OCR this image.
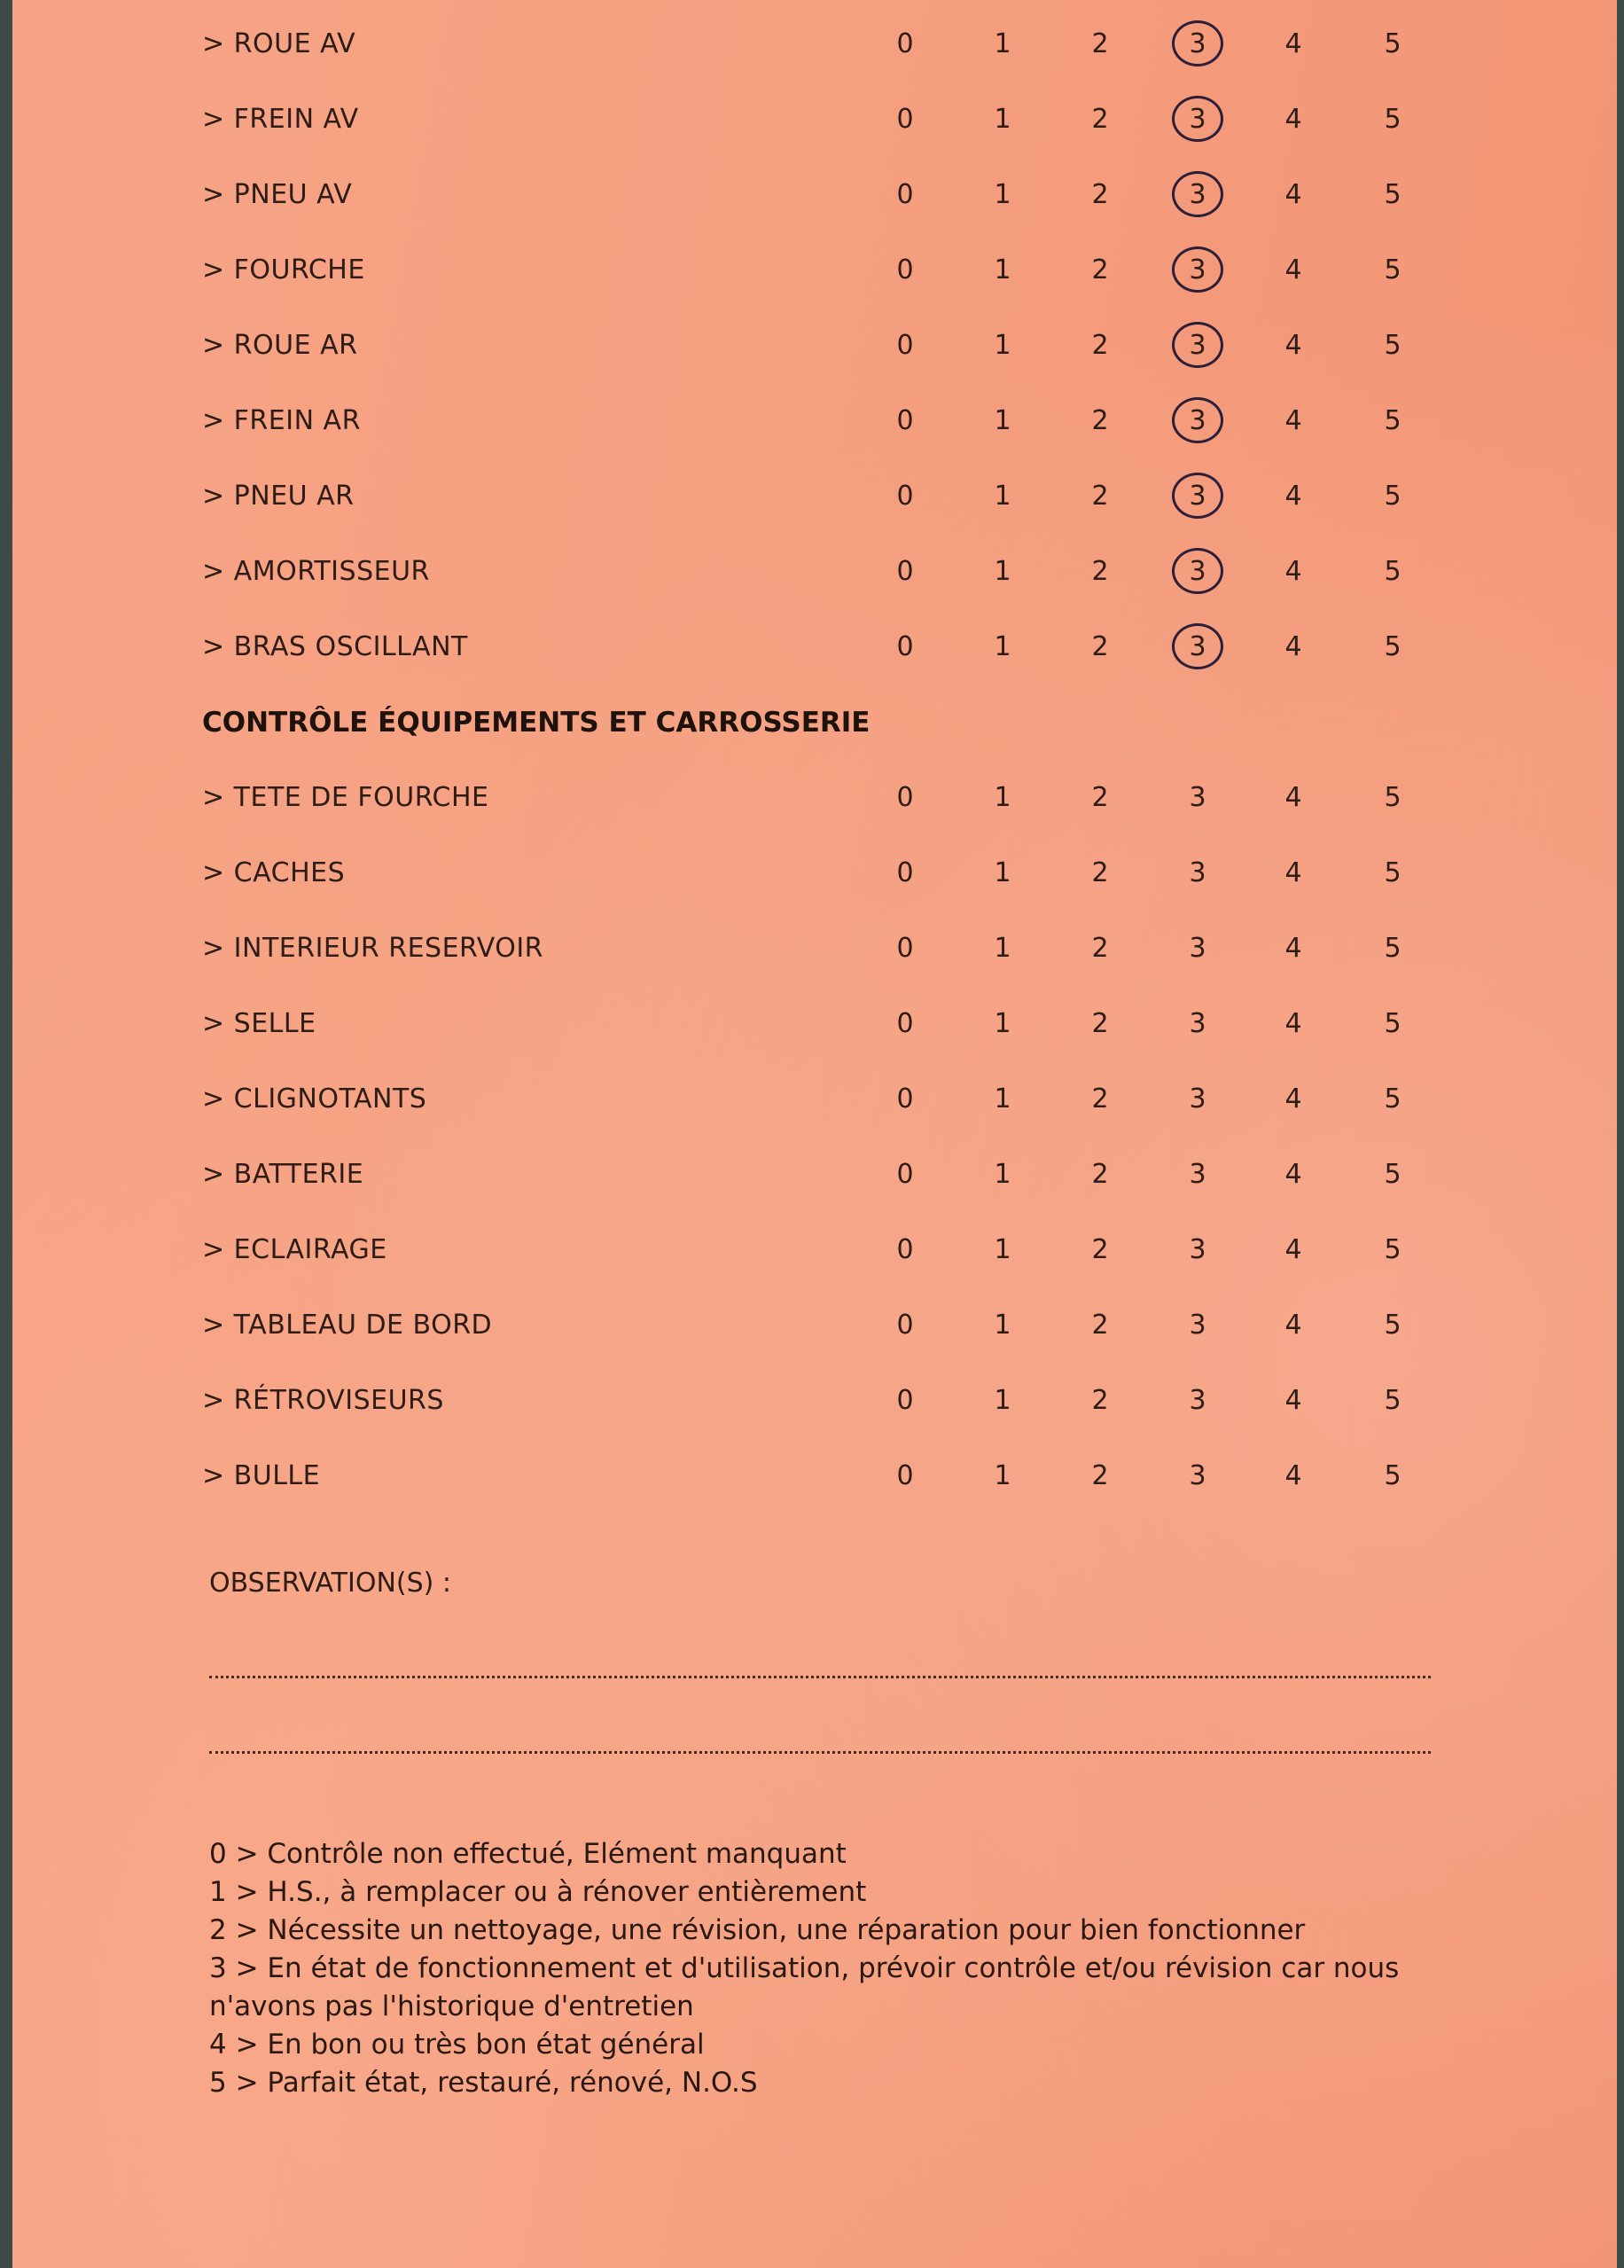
> ROUE AV	0	1	2	3	4	5
> FREIN AV	0	1	2	3	4	5
> PNEU AV	0	1	2	3	4	5
> FOURCHE	0	1	2	3	4	5
> ROUE AR	0	1	2	3	4	5
> FREIN AR	0	1	2	3	4	5
> PNEU AR	0	1	2	3	4	5
> AMORTISSEUR	0	1	2	3	4	5
> BRAS OSCILLANT	0	1	2	3	4	5
> TETE DE FOURCHE	0	1	2	3	4	5
> CACHES	0	1	2	3	4	5
> INTERIEUR RESERVOIR	0	1	2	3	4	5
> SELLE	0	1	2	3	4	5
> CLIGNOTANTS	0	1	2	3	4	5
> BATTERIE	0	1	2	3	4	5
> ECLAIRAGE	0	1	2	3	4	5
> TABLEAU DE BORD	0	1	2	3	4	5
> RÉTROVISEURS	0	1	2	3	4	5
> BULLE	0	1	2	3	4	5
CONTRÔLE ÉQUIPEMENTS ET CARROSSERIE
OBSERVATION(S) :
0 > Contrôle non effectué, Elément manquant
1 > H.S., à remplacer ou à rénover entièrement
2 > Nécessite un nettoyage, une révision, une réparation pour bien fonctionner
3 > En état de fonctionnement et d'utilisation, prévoir contrôle et/ou révision car nous
n'avons pas l'historique d'entretien
4 > En bon ou très bon état général
5 > Parfait état, restauré, rénové, N.O.S
